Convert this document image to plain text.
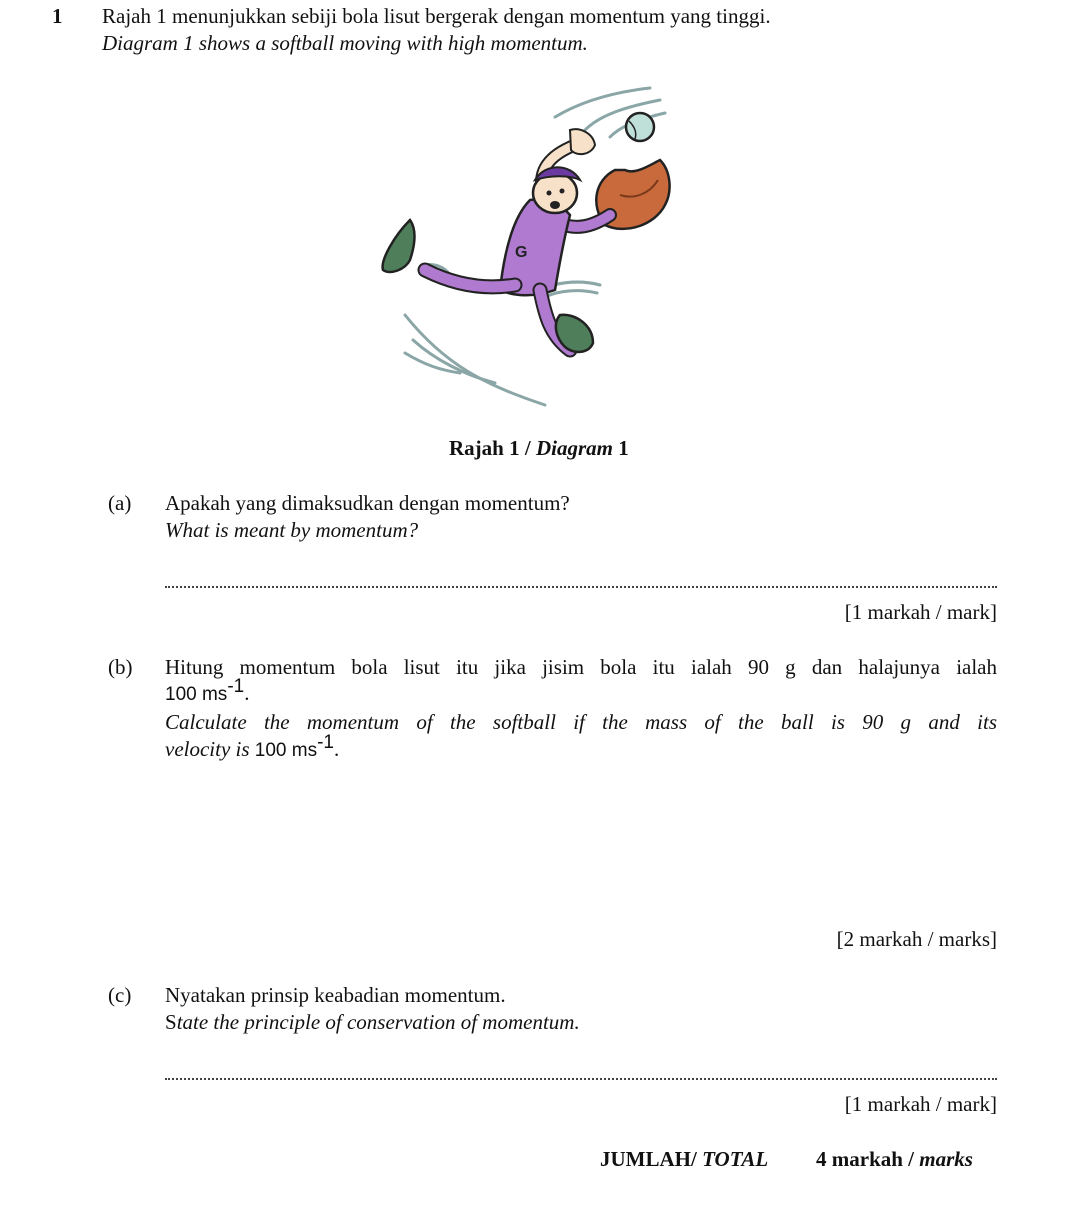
1 Rajah 1 menunjukkan sebiji bola lisut bergerak dengan momentum yang tinggi.
Diagram 1 shows a softball moving with high momentum.
G
Rajah 1 / Diagram 1
(a) Apakah yang dimaksudkan dengan momentum?
What is meant by momentum?
[1 markah / mark]
(b) Hitung momentum bola lisut itu jika jisim bola itu ialah 90 g dan halajunya ialah
100 $ms^{-1}$.
Calculate the momentum of the softball if the mass of the ball is 90 g and its
velocity is 100 $ms^{-1}$.
[2 markah / marks]
(c) Nyatakan prinsip keabadian momentum.
State the principle of conservation of momentum.
[1 markah / mark]
JUMLAH/ TOTAL 4 markah / marks
